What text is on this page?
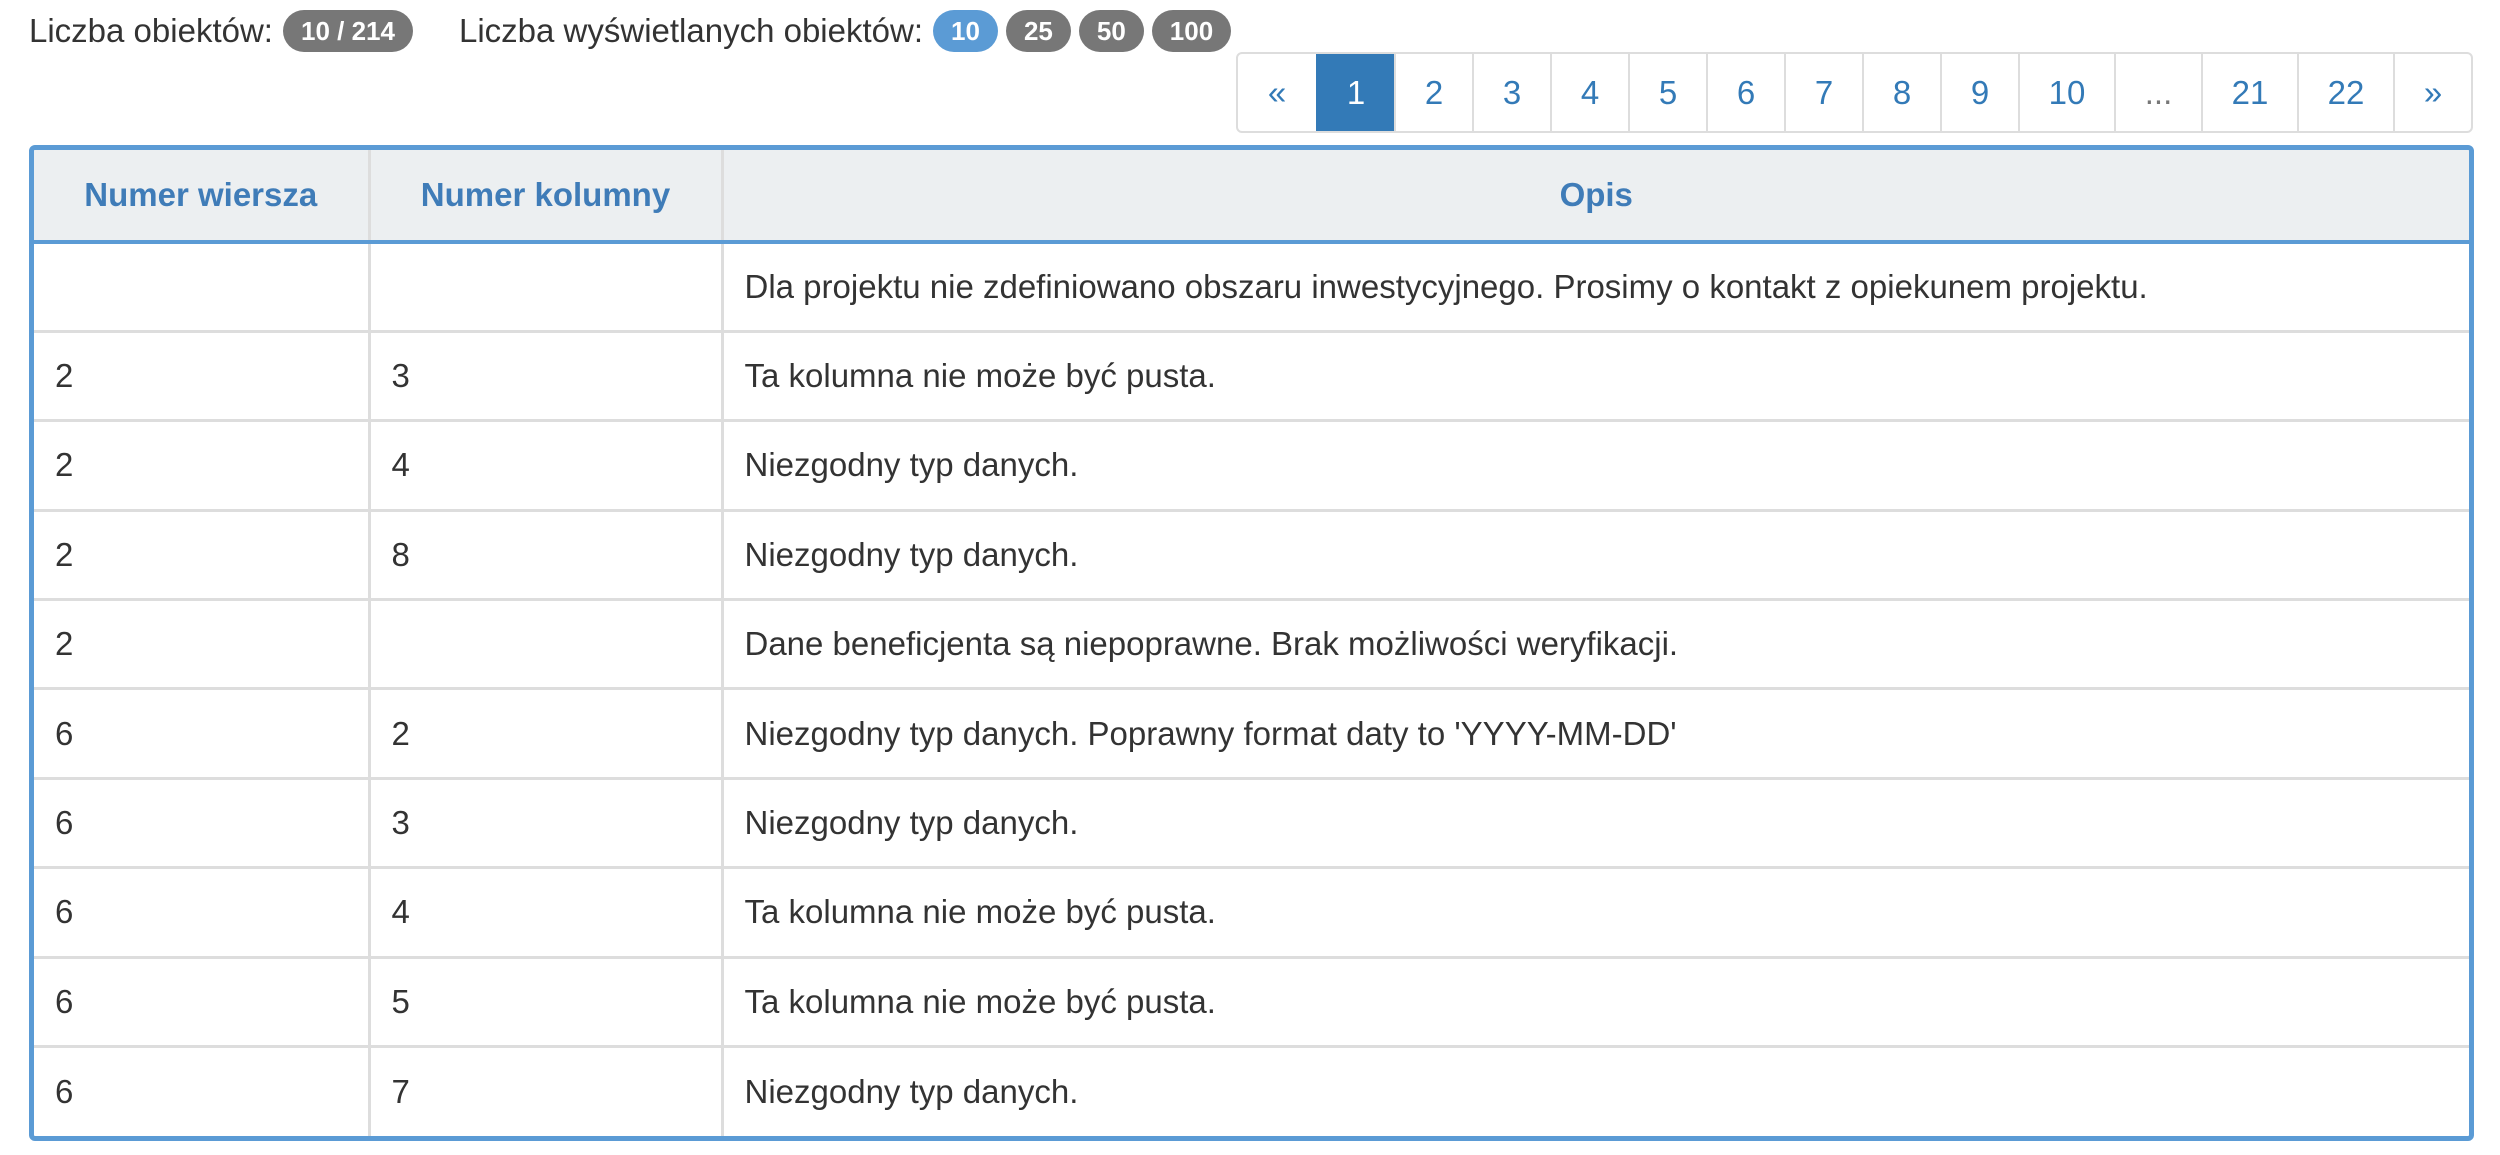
Liczba obiektów:	10 / 214	Liczba wyświetlanych obiektów:	10	25	50	100
«	1	2	3	4	5	6	7	8	9	10	...	21	22	»
Numer wiersza	Numer kolumny	Opis
		Dla projektu nie zdefiniowano obszaru inwestycyjnego. Prosimy o kontakt z opiekunem projektu.
2	3	Ta kolumna nie może być pusta.
2	4	Niezgodny typ danych.
2	8	Niezgodny typ danych.
2		Dane beneficjenta są niepoprawne. Brak możliwości weryfikacji.
6	2	Niezgodny typ danych. Poprawny format daty to 'YYYY-MM-DD'
6	3	Niezgodny typ danych.
6	4	Ta kolumna nie może być pusta.
6	5	Ta kolumna nie może być pusta.
6	7	Niezgodny typ danych.
